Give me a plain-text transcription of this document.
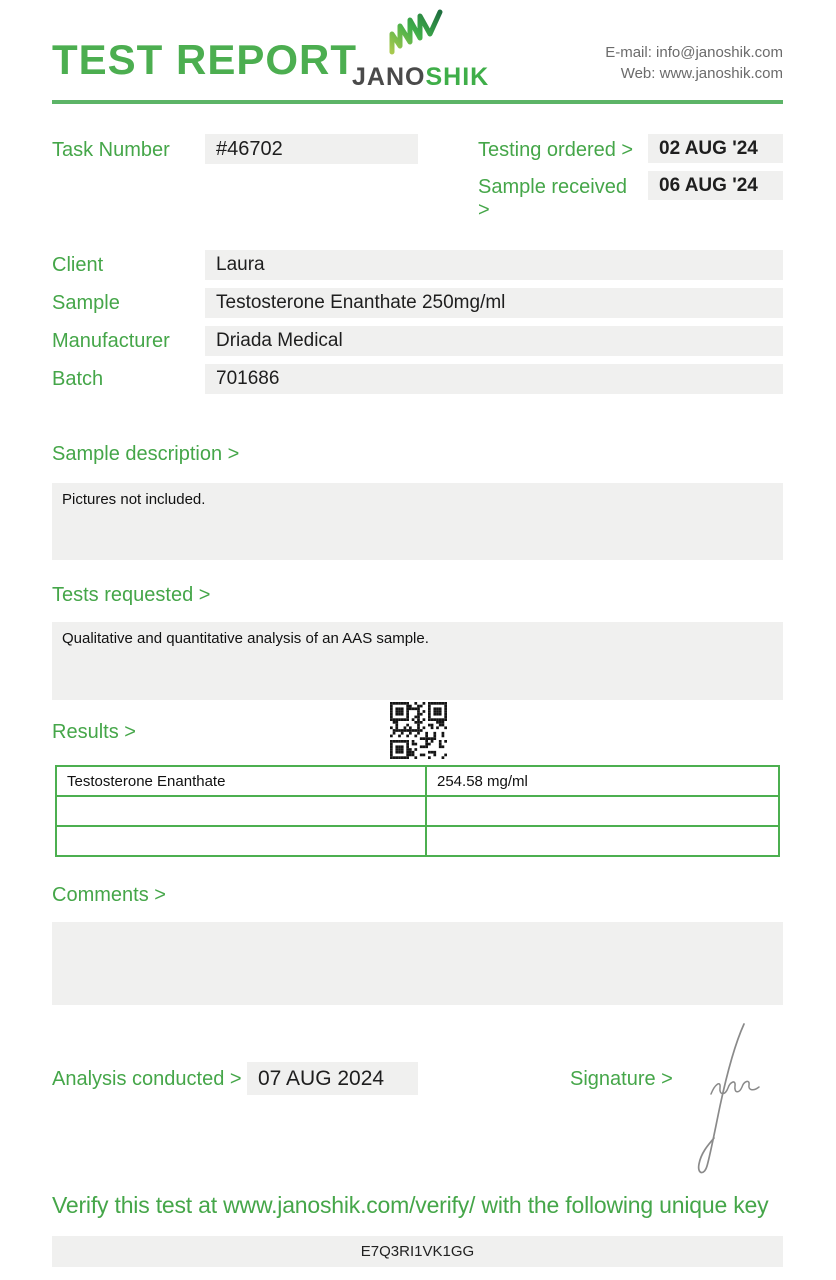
TEST REPORT
JANOSHIK
E-mail: info@janoshik.com
Web: www.janoshik.com
Task Number	#46702	Testing ordered >	02 AUG '24
Sample received >
06 AUG '24
Client	Laura
Sample	Testosterone Enanthate 250mg/ml
Manufacturer	Driada Medical
Batch	701686
Sample description >
Pictures not included.
Tests requested >
Qualitative and quantitative analysis of an AAS sample.
Results >
Testosterone Enanthate	254.58 mg/ml

Comments >
Analysis conducted > 07 AUG 2024	Signature >
Verify this test at www.janoshik.com/verify/ with the following unique key
E7Q3RI1VK1GG
